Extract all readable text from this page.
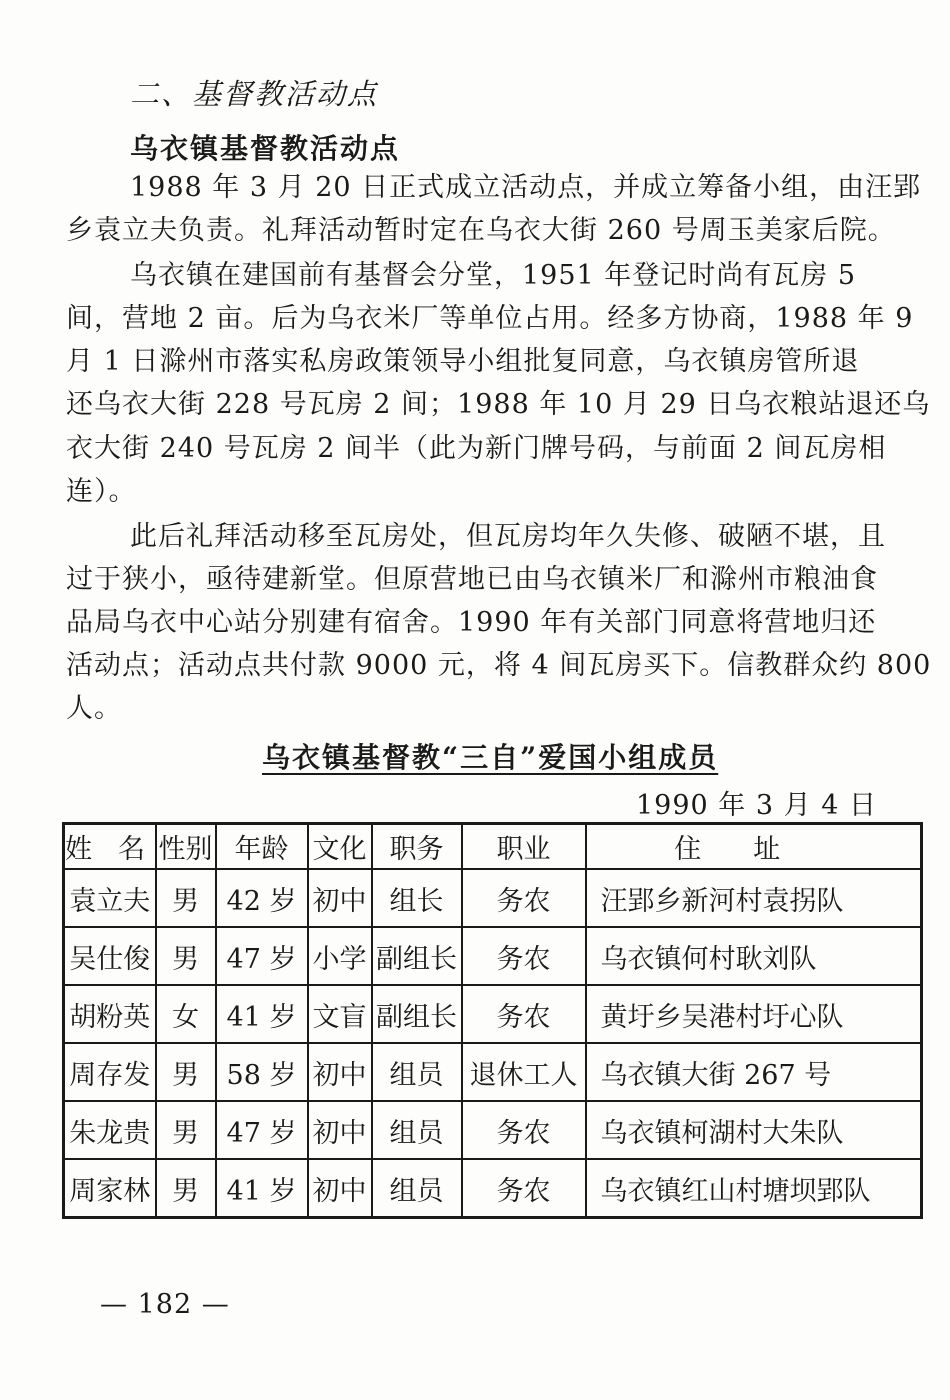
二、基督教活动点
乌衣镇基督教活动点
1988 年 3 月 20 日正式成立活动点，并成立筹备小组，由汪郢
乡袁立夫负责。礼拜活动暂时定在乌衣大街 260 号周玉美家后院。
乌衣镇在建国前有基督会分堂，1951 年登记时尚有瓦房 5
间，营地 2 亩。后为乌衣米厂等单位占用。经多方协商，1988 年 9
月 1 日滁州市落实私房政策领导小组批复同意，乌衣镇房管所退
还乌衣大街 228 号瓦房 2 间；1988 年 10 月 29 日乌衣粮站退还乌
衣大街 240 号瓦房 2 间半（此为新门牌号码，与前面 2 间瓦房相
连）。
此后礼拜活动移至瓦房处，但瓦房均年久失修、破陋不堪，且
过于狭小，亟待建新堂。但原营地已由乌衣镇米厂和滁州市粮油食
品局乌衣中心站分别建有宿舍。1990 年有关部门同意将营地归还
活动点；活动点共付款 9000 元，将 4 间瓦房买下。信教群众约 800
人。
乌衣镇基督教“三自”爱国小组成员
1990 年 3 月 4 日
姓名	性别	年龄	文化	职务	职业	住址
袁立夫	男	42 岁	初中	组长	务农	汪郢乡新河村袁拐队
吴仕俊	男	47 岁	小学	副组长	务农	乌衣镇何村耿刘队
胡粉英	女	41 岁	文盲	副组长	务农	黄圩乡吴港村圩心队
周存发	男	58 岁	初中	组员	退休工人	乌衣镇大街 267 号
朱龙贵	男	47 岁	初中	组员	务农	乌衣镇柯湖村大朱队
周家林	男	41 岁	初中	组员	务农	乌衣镇红山村塘坝郢队
— 182 —
